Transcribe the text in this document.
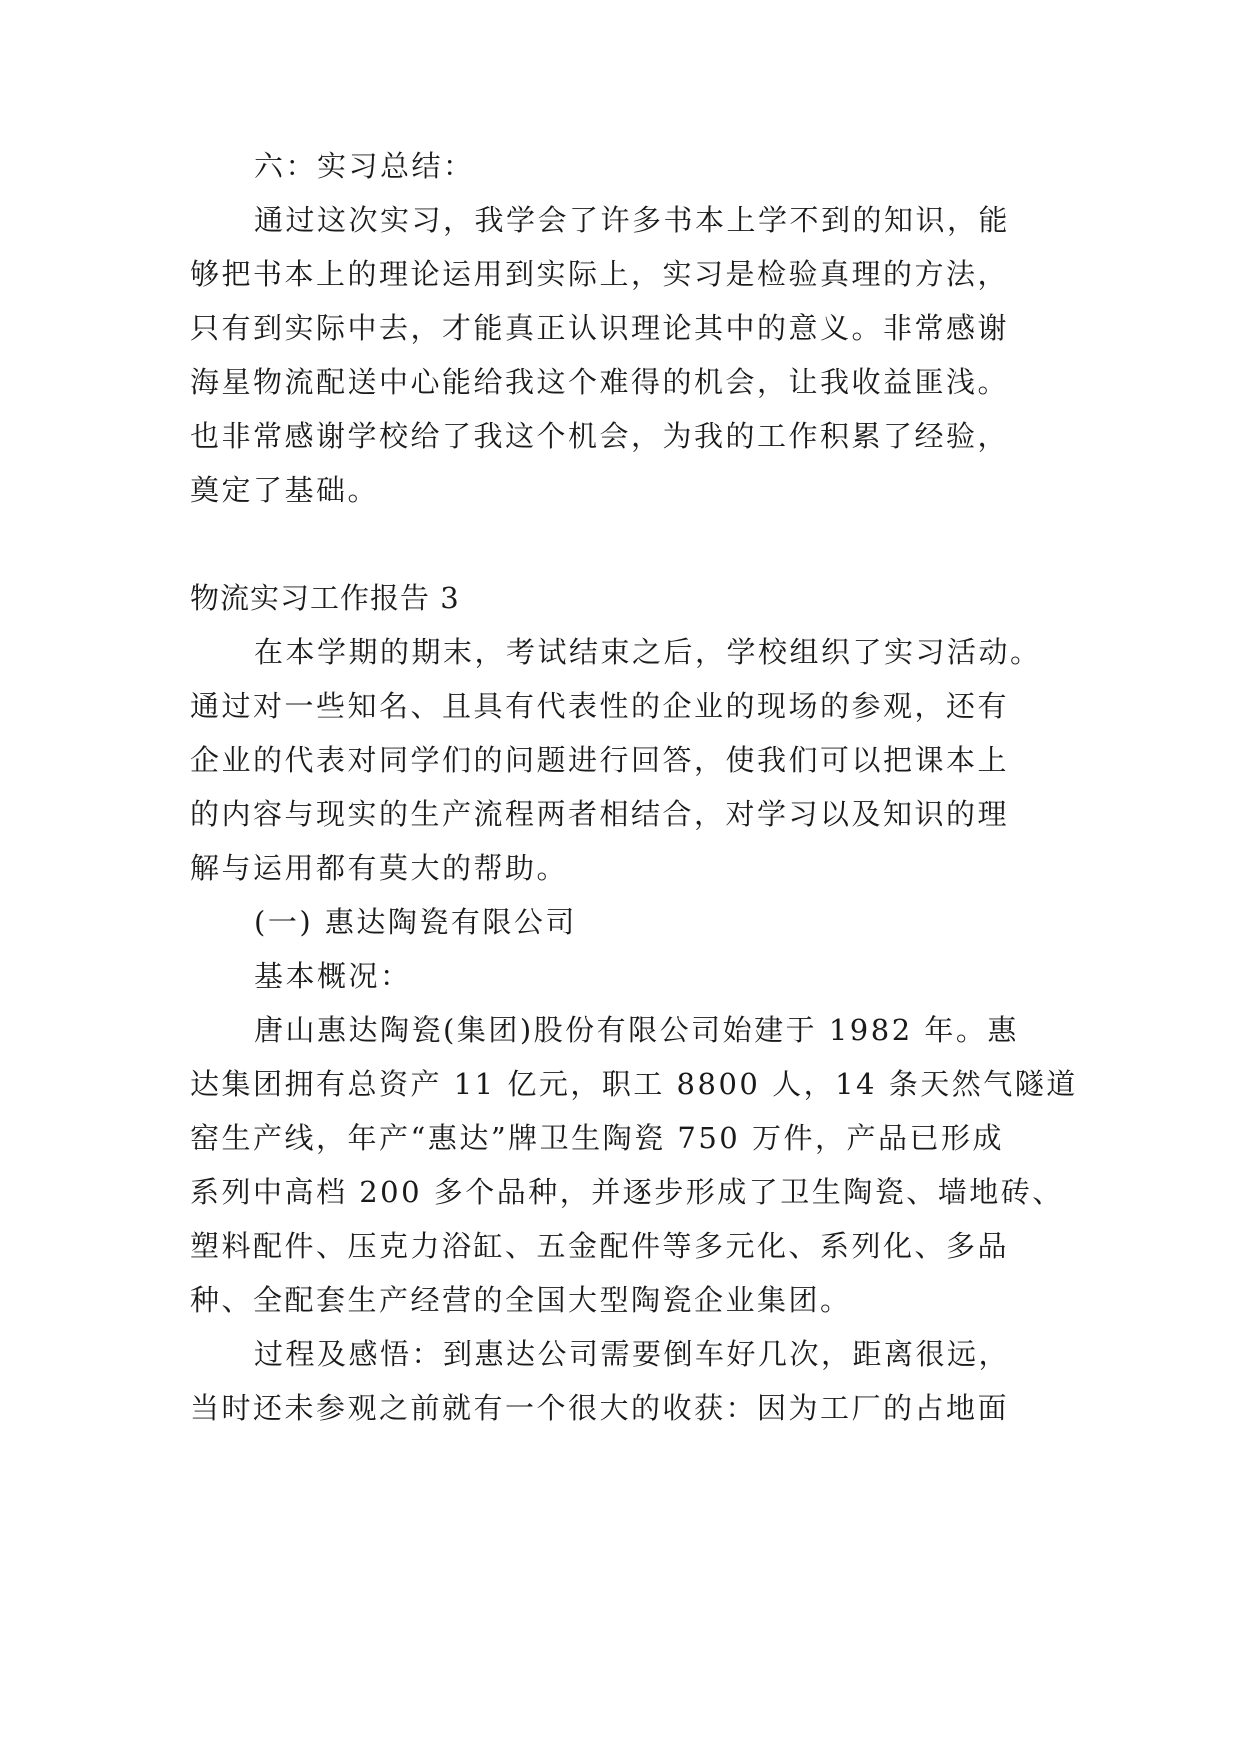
六：实习总结：

通过这次实习，我学会了许多书本上学不到的知识，能

够把书本上的理论运用到实际上，实习是检验真理的方法，

只有到实际中去，才能真正认识理论其中的意义。非常感谢

海星物流配送中心能给我这个难得的机会，让我收益匪浅。

也非常感谢学校给了我这个机会，为我的工作积累了经验，

奠定了基础。

物流实习工作报告 3

在本学期的期末，考试结束之后，学校组织了实习活动。

通过对一些知名、且具有代表性的企业的现场的参观，还有

企业的代表对同学们的问题进行回答，使我们可以把课本上

的内容与现实的生产流程两者相结合，对学习以及知识的理

解与运用都有莫大的帮助。

(一) 惠达陶瓷有限公司

基本概况：

唐山惠达陶瓷(集团)股份有限公司始建于 1982 年。惠

达集团拥有总资产 11 亿元，职工 8800 人，14 条天然气隧道

窑生产线，年产“惠达”牌卫生陶瓷 750 万件，产品已形成

系列中高档 200 多个品种，并逐步形成了卫生陶瓷、墙地砖、

塑料配件、压克力浴缸、五金配件等多元化、系列化、多品

种、全配套生产经营的全国大型陶瓷企业集团。

过程及感悟：到惠达公司需要倒车好几次，距离很远，

当时还未参观之前就有一个很大的收获：因为工厂的占地面
